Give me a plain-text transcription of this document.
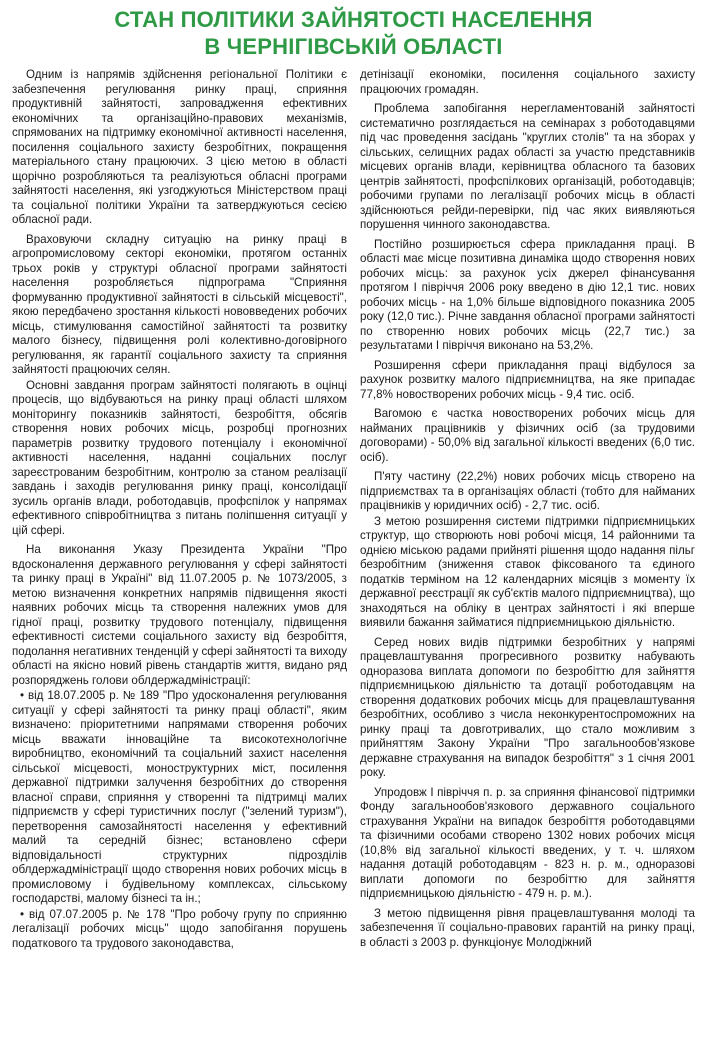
СТАН ПОЛІТИКИ ЗАЙНЯТОСТІ НАСЕЛЕННЯ
В ЧЕРНІГІВСЬКІЙ ОБЛАСТІ

Одним із напрямів здійснення регіональної Політики є забезпечення регулювання ринку праці, сприяння продуктивній зайнятості, запровадження ефективних економічних та організаційно-правових механізмів, спрямованих на підтримку економічної активності населення, посилення соціального захисту безробітних, покращення матеріального стану працюючих. З цією метою в області щорічно розробляються та реалізуються обласні програми зайнятості населення, які узгоджуються Міністерством праці та соціальної політики України та затверджуються сесією обласної ради.

Враховуючи складну ситуацію на ринку праці в агропромисловому секторі економіки, протягом останніх трьох років у структурі обласної програми зайнятості населення розробляється підпрограма "Сприяння формуванню продуктивної зайнятості в сільській місцевості", якою передбачено зростання кількості нововведених робочих місць, стимулювання самостійної зайнятості та розвитку малого бізнесу, підвищення ролі колективно-договірного регулювання, як гарантії соціального захисту та сприяння зайнятості працюючих селян.

Основні завдання програм зайнятості полягають в оцінці процесів, що відбуваються на ринку праці області шляхом моніторингу показників зайнятості, безробіття, обсягів створення нових робочих місць, розробці прогнозних параметрів розвитку трудового потенціалу і економічної активності населення, наданні соціальних послуг зареєстрованим безробітним, контролю за станом реалізації завдань і заходів регулювання ринку праці, консолідації зусиль органів влади, роботодавців, профспілок у напрямах ефективного співробітництва з питань поліпшення ситуації у цій сфері.

На виконання Указу Президента України "Про вдосконалення державного регулювання у сфері зайнятості та ринку праці в Україні" від 11.07.2005 р. № 1073/2005, з метою визначення конкретних напрямів підвищення якості наявних робочих місць та створення належних умов для гідної праці, розвитку трудового потенціалу, підвищення ефективності системи соціального захисту від безробіття, подолання негативних тенденцій у сфері зайнятості та виходу області на якісно новий рівень стандартів життя, видано ряд розпоряджень голови облдержадміністрації:

• від 18.07.2005 р. № 189 "Про удосконалення регулювання ситуації у сфері зайнятості та ринку праці області", яким визначено: пріоритетними напрямами створення робочих місць вважати інноваційне та високотехнологічне виробництво, економічний та соціальний захист населення сільської місцевості, моноструктурних міст, посилення державної підтримки залучення безробітних до створення власної справи, сприяння у створенні та підтримці малих підприємств у сфері туристичних послуг ("зелений туризм"), перетворення самозайнятості населення у ефективний малий та середній бізнес; встановлено сфери відповідальності структурних підрозділів облдержадміністрації щодо створення нових робочих місць в промисловому і будівельному комплексах, сільському господарстві, малому бізнесі та ін.;

• від 07.07.2005 р. № 178 "Про робочу групу по сприянню легалізації робочих місць" щодо запобігання порушень податкового та трудового законодавства,

детінізації економіки, посилення соціального захисту працюючих громадян.

Проблема запобігання нерегламентованій зайнятості систематично розглядається на семінарах з роботодавцями під час проведення засідань "круглих столів" та на зборах у сільських, селищних радах області за участю представників місцевих органів влади, керівництва обласного та базових центрів зайнятості, профспілкових організацій, роботодавців; робочими групами по легалізації робочих місць в області здійснюються рейди-перевірки, під час яких виявляються порушення чинного законодавства.

Постійно розширюється сфера прикладання праці. В області має місце позитивна динаміка щодо створення нових робочих місць: за рахунок усіх джерел фінансування протягом І півріччя 2006 року введено в дію 12,1 тис. нових робочих місць - на 1,0% більше відповідного показника 2005 року (12,0 тис.). Річне завдання обласної програми зайнятості по створенню нових робочих місць (22,7 тис.) за результатами І півріччя виконано на 53,2%.

Розширення сфери прикладання праці відбулося за рахунок розвитку малого підприємництва, на яке припадає 77,8% новостворених робочих місць - 9,4 тис. осіб.

Вагомою є частка новостворених робочих місць для найманих працівників у фізичних осіб (за трудовими договорами) - 50,0% від загальної кількості введених (6,0 тис. осіб).

П'яту частину (22,2%) нових робочих місць створено на підприємствах та в організаціях області (тобто для найманих працівників у юридичних осіб) - 2,7 тис. осіб.

З метою розширення системи підтримки підприємницьких структур, що створюють нові робочі місця, 14 районними та однією міською радами прийняті рішення щодо надання пільг безробітним (зниження ставок фіксованого та єдиного податків терміном на 12 календарних місяців з моменту їх державної реєстрації як суб'єктів малого підприємництва), що знаходяться на обліку в центрах зайнятості і які вперше виявили бажання займатися підприємницькою діяльністю.

Серед нових видів підтримки безробітних у напрямі працевлаштування прогресивного розвитку набувають одноразова виплата допомоги по безробіттю для зайняття підприємницькою діяльністю та дотації роботодавцям на створення додаткових робочих місць для працевлаштування безробітних, особливо з числа неконкурентоспроможних на ринку праці та довготривалих, що стало можливим з прийняттям Закону України "Про загальнообов'язкове державне страхування на випадок безробіття" з 1 січня 2001 року.

Упродовж І півріччя п. р. за сприяння фінансової підтримки Фонду загальнообов'язкового державного соціального страхування України на випадок безробіття роботодавцями та фізичними особами створено 1302 нових робочих місця (10,8% від загальної кількості введених, у т. ч. шляхом надання дотацій роботодавцям - 823 н. р. м., одноразові виплати допомоги по безробіттю для зайняття підприємницькою діяльністю - 479 н. р. м.).

З метою підвищення рівня працевлаштування молоді та забезпечення її соціально-правових гарантій на ринку праці, в області з 2003 р. функціонує Молодіжний
